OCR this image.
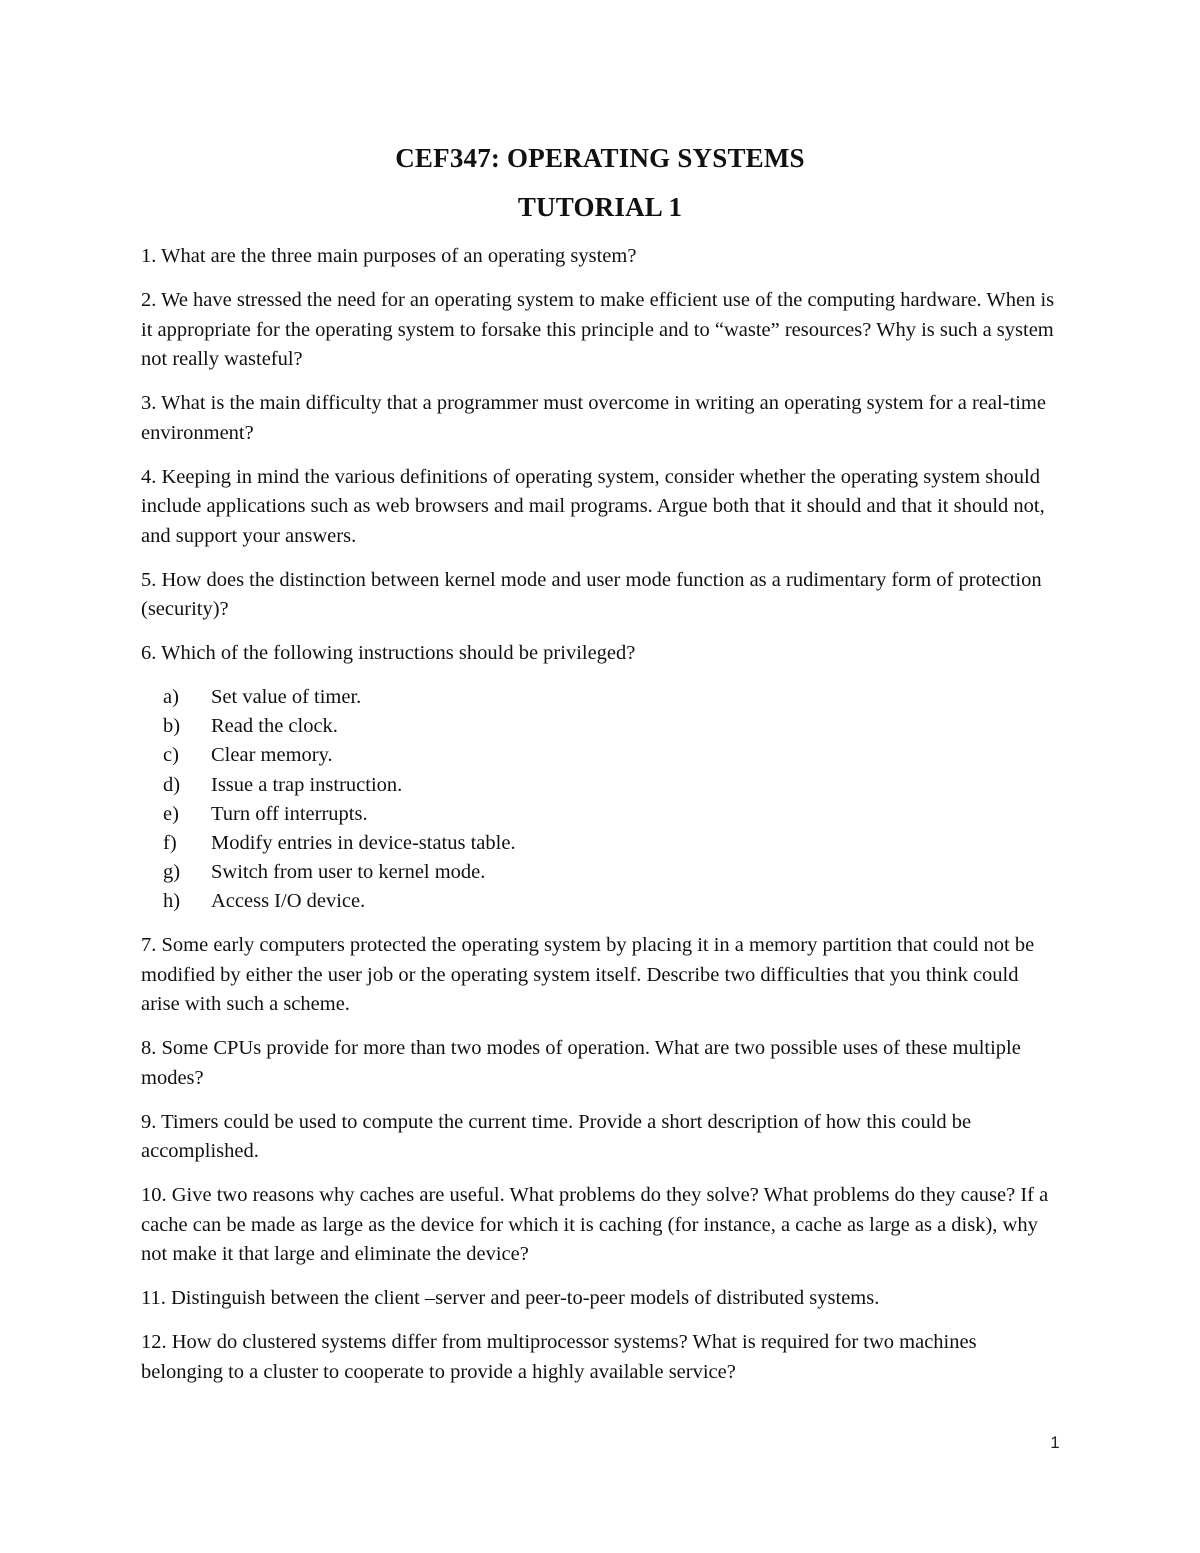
CEF347: OPERATING SYSTEMS
TUTORIAL 1

1. What are the three main purposes of an operating system?

2. We have stressed the need for an operating system to make efficient use of the computing hardware. When is it appropriate for the operating system to forsake this principle and to “waste” resources? Why is such a system not really wasteful?

3. What is the main difficulty that a programmer must overcome in writing an operating system for a real-time environment?

4. Keeping in mind the various definitions of operating system, consider whether the operating system should include applications such as web browsers and mail programs. Argue both that it should and that it should not, and support your answers.

5. How does the distinction between kernel mode and user mode function as a rudimentary form of protection (security)?

6. Which of the following instructions should be privileged?

a)	Set value of timer.
b)	Read the clock.
c)	Clear memory.
d)	Issue a trap instruction.
e)	Turn off interrupts.
f)	Modify entries in device-status table.
g)	Switch from user to kernel mode.
h)	Access I/O device.

7. Some early computers protected the operating system by placing it in a memory partition that could not be modified by either the user job or the operating system itself. Describe two difficulties that you think could arise with such a scheme.

8. Some CPUs provide for more than two modes of operation. What are two possible uses of these multiple modes?

9. Timers could be used to compute the current time. Provide a short description of how this could be accomplished.

10. Give two reasons why caches are useful. What problems do they solve? What problems do they cause? If a cache can be made as large as the device for which it is caching (for instance, a cache as large as a disk), why not make it that large and eliminate the device?

11. Distinguish between the client –server and peer-to-peer models of distributed systems.

12. How do clustered systems differ from multiprocessor systems? What is required for two machines belonging to a cluster to cooperate to provide a highly available service?

1
